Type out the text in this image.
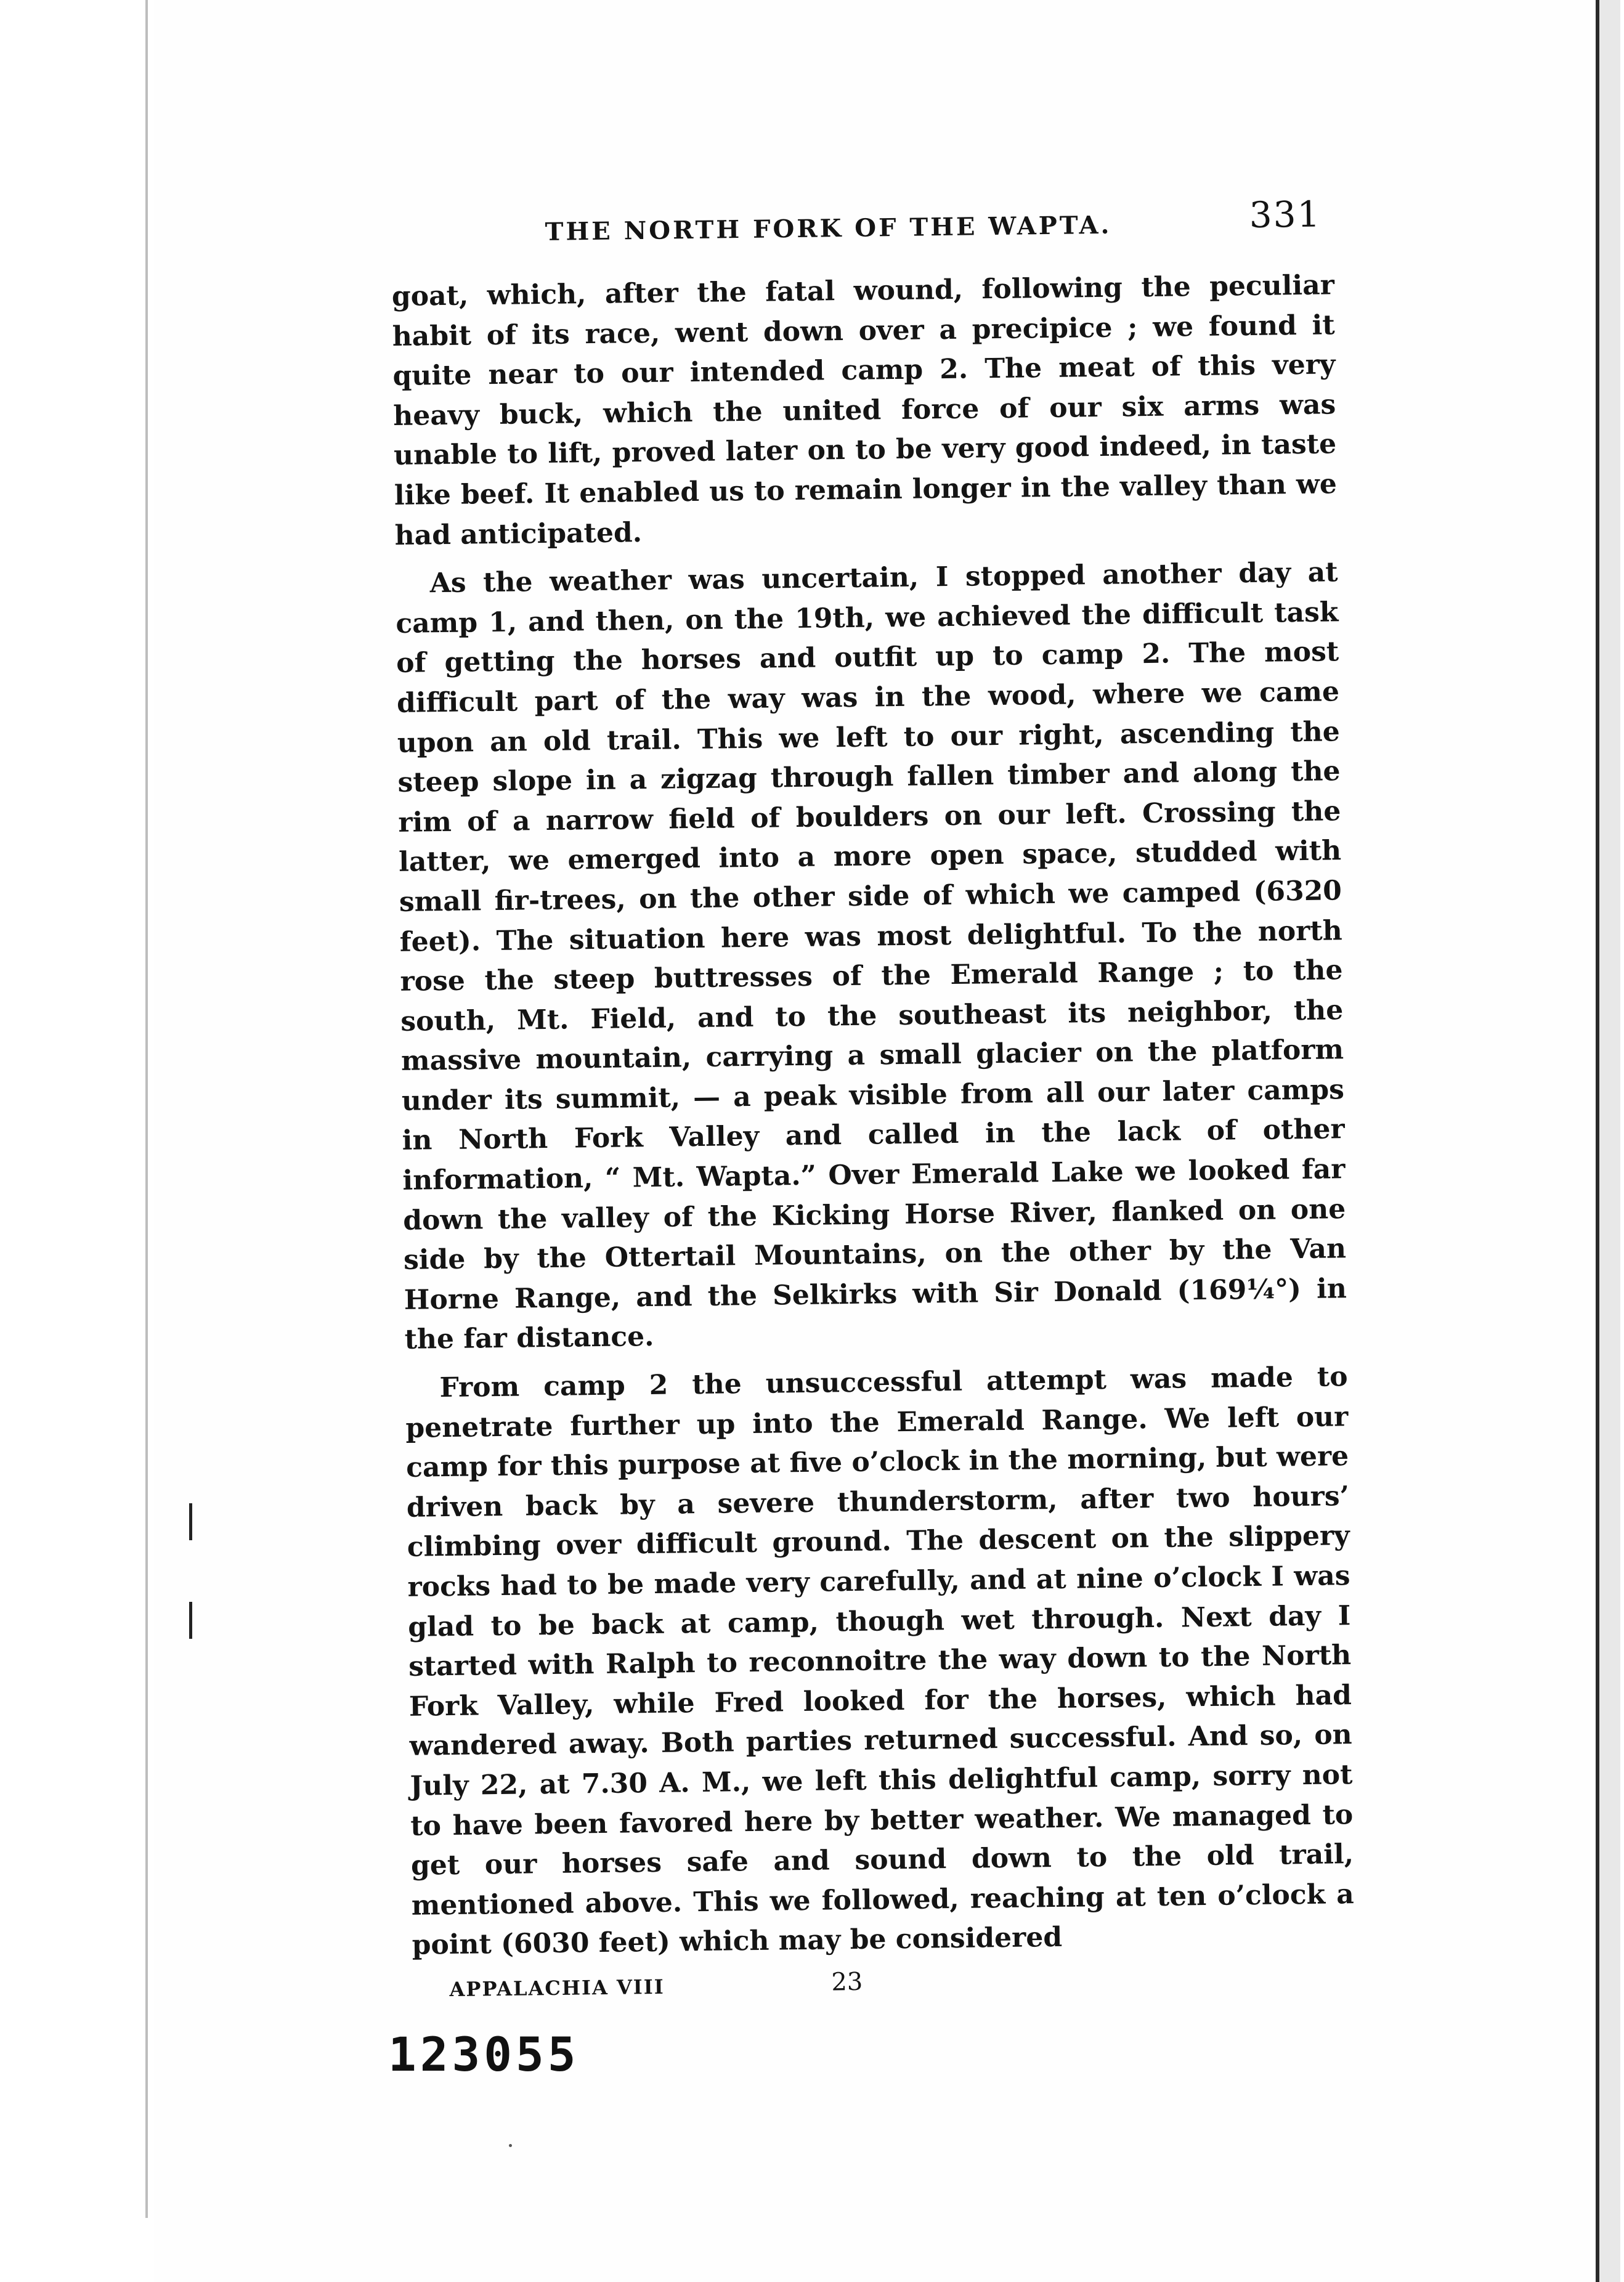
THE NORTH FORK OF THE WAPTA.	331

goat, which, after the fatal wound, following the peculiar habit of its race, went down over a precipice ; we found it quite near to our intended camp 2. The meat of this very heavy buck, which the united force of our six arms was unable to lift, proved later on to be very good indeed, in taste like beef. It enabled us to remain longer in the valley than we had anticipated.

As the weather was uncertain, I stopped another day at camp 1, and then, on the 19th, we achieved the difficult task of getting the horses and outfit up to camp 2. The most difficult part of the way was in the wood, where we came upon an old trail. This we left to our right, ascending the steep slope in a zigzag through fallen timber and along the rim of a narrow field of boulders on our left. Crossing the latter, we emerged into a more open space, studded with small fir-trees, on the other side of which we camped (6320 feet). The situation here was most delightful. To the north rose the steep buttresses of the Emerald Range ; to the south, Mt. Field, and to the southeast its neighbor, the massive mountain, carrying a small glacier on the platform under its summit, — a peak visible from all our later camps in North Fork Valley and called in the lack of other information, “ Mt. Wapta.” Over Emerald Lake we looked far down the valley of the Kicking Horse River, flanked on one side by the Ottertail Mountains, on the other by the Van Horne Range, and the Selkirks with Sir Donald (169¼°) in the far distance.

From camp 2 the unsuccessful attempt was made to penetrate further up into the Emerald Range. We left our camp for this purpose at five o’clock in the morning, but were driven back by a severe thunderstorm, after two hours’ climbing over difficult ground. The descent on the slippery rocks had to be made very carefully, and at nine o’clock I was glad to be back at camp, though wet through. Next day I started with Ralph to reconnoitre the way down to the North Fork Valley, while Fred looked for the horses, which had wandered away. Both parties returned successful. And so, on July 22, at 7.30 A. M., we left this delightful camp, sorry not to have been favored here by better weather. We managed to get our horses safe and sound down to the old trail, mentioned above. This we followed, reaching at ten o’clock a point (6030 feet) which may be considered

APPALACHIA VIII	23
123055
